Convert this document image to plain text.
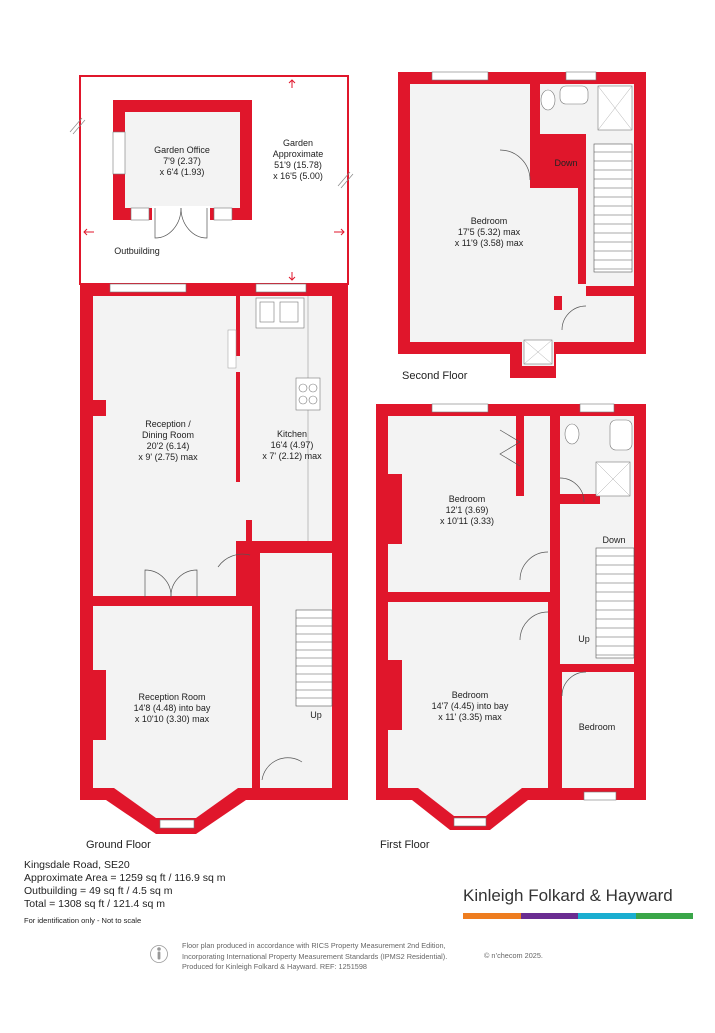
Garden Office
7'9 (2.37)
x 6'4 (1.93)
Garden
Approximate
51'9 (15.78)
x 16'5 (5.00)
Outbuilding
Reception /
Dining Room
20'2 (6.14)
x 9' (2.75) max
Kitchen
16'4 (4.97)
x 7' (2.12) max
Reception Room
14'8 (4.48) into bay
x 10'10 (3.30) max	Up
Bedroom
17'5 (5.32) max
x 11'9 (3.58) max
Down
Bedroom
12'1 (3.69)
x 10'11 (3.33)
Bedroom
14'7 (4.45) into bay
x 11' (3.35) max
Bedroom
Down
Up
Ground Floor	First Floor
Second Floor
Kingsdale Road, SE20
Approximate Area = 1259 sq ft / 116.9 sq m
Outbuilding = 49 sq ft / 4.5 sq m
Total = 1308 sq ft / 121.4 sq m
For identification only - Not to scale
Kinleigh Folkard & Hayward
Floor plan produced in accordance with RICS Property Measurement 2nd Edition,
Incorporating International Property Measurement Standards (IPMS2 Residential).
Produced for Kinleigh Folkard & Hayward. REF: 1251598
© n’checom 2025.
